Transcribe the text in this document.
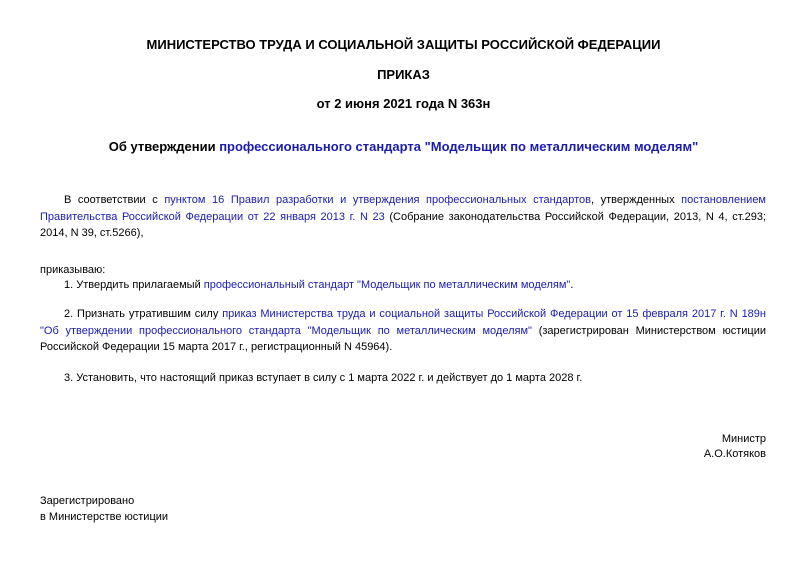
МИНИСТЕРСТВО ТРУДА И СОЦИАЛЬНОЙ ЗАЩИТЫ РОССИЙСКОЙ ФЕДЕРАЦИИ
ПРИКАЗ
от 2 июня 2021 года N 363н
Об утверждении профессионального стандарта "Модельщик по металлическим моделям"
В соответствии с пунктом 16 Правил разработки и утверждения профессиональных стандартов, утвержденных постановлением Правительства Российской Федерации от 22 января 2013 г. N 23 (Собрание законодательства Российской Федерации, 2013, N 4, ст.293; 2014, N 39, ст.5266),
приказываю:
1. Утвердить прилагаемый профессиональный стандарт "Модельщик по металлическим моделям".
2. Признать утратившим силу приказ Министерства труда и социальной защиты Российской Федерации от 15 февраля 2017 г. N 189н "Об утверждении профессионального стандарта "Модельщик по металлическим моделям" (зарегистрирован Министерством юстиции Российской Федерации 15 марта 2017 г., регистрационный N 45964).
3. Установить, что настоящий приказ вступает в силу с 1 марта 2022 г. и действует до 1 марта 2028 г.
Министр
А.О.Котяков
Зарегистрировано
в Министерстве юстиции
